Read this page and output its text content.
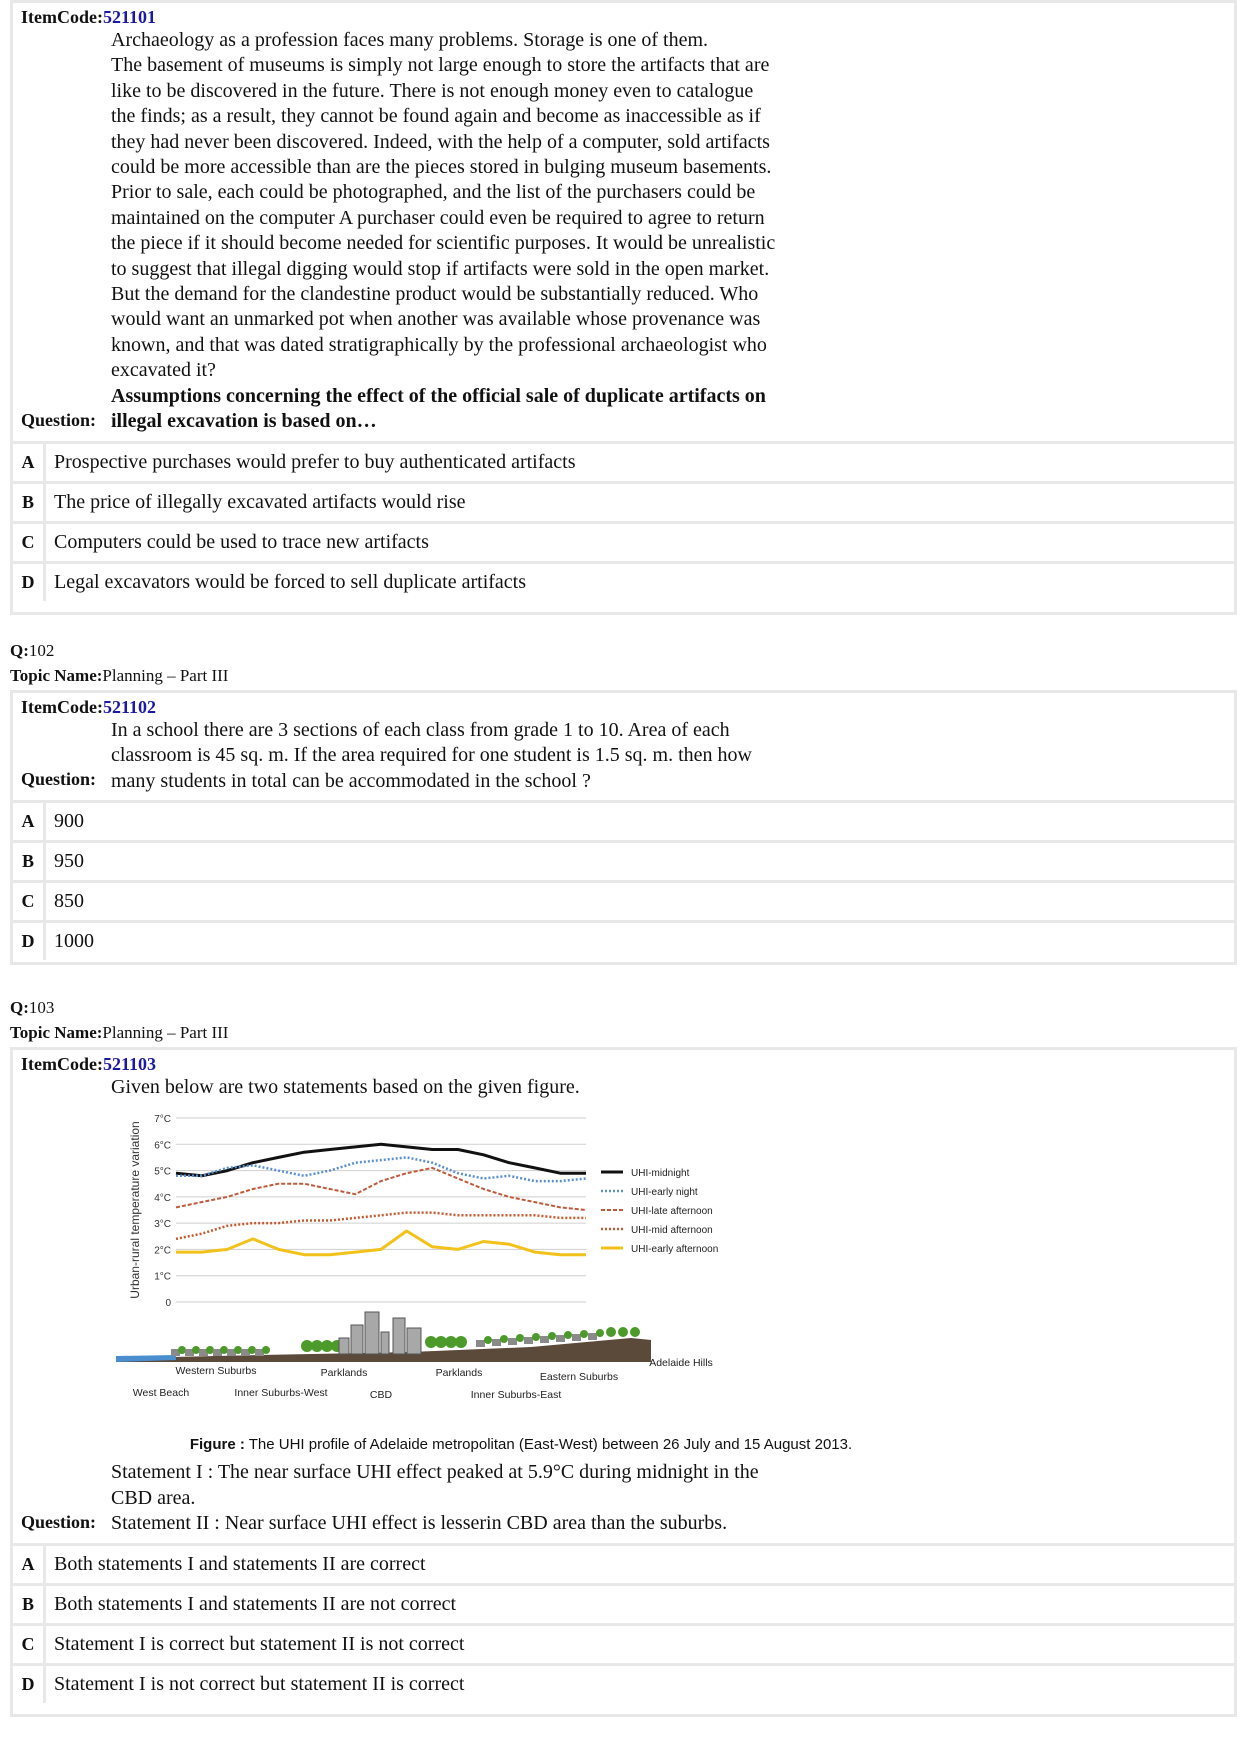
ItemCode:521101
Question:
Archaeology as a profession faces many problems. Storage is one of them.
The basement of museums is simply not large enough to store the artifacts that are
like to be discovered in the future. There is not enough money even to catalogue
the finds; as a result, they cannot be found again and become as inaccessible as if
they had never been discovered. Indeed, with the help of a computer, sold artifacts
could be more accessible than are the pieces stored in bulging museum basements.
Prior to sale, each could be photographed, and the list of the purchasers could be
maintained on the computer A purchaser could even be required to agree to return
the piece if it should become needed for scientific purposes. It would be unrealistic
to suggest that illegal digging would stop if artifacts were sold in the open market.
But the demand for the clandestine product would be substantially reduced. Who
would want an unmarked pot when another was available whose provenance was
known, and that was dated stratigraphically by the professional archaeologist who
excavated it?
Assumptions concerning the effect of the official sale of duplicate artifacts on
illegal excavation is based on…
A Prospective purchases would prefer to buy authenticated artifacts
B	The price of illegally excavated artifacts would rise
C Computers could be used to trace new artifacts
D Legal excavators would be forced to sell duplicate artifacts
Q:102
Topic Name:Planning – Part III
ItemCode:521102
Question:
In a school there are 3 sections of each class from grade 1 to 10. Area of each
classroom is 45 sq. m. If the area required for one student is 1.5 sq. m. then how
many students in total can be accommodated in the school ?
A 900
B	950
C 850
D 1000
Q:103
Topic Name:Planning – Part III
ItemCode:521103
Question:
Given below are two statements based on the given figure.
Urban-rural temperature variation
0
1°C
2°C
3°C
4°C
5°C
6°C
7°C
UHI-midnight
UHI-early night
UHI-late afternoon
UHI-mid afternoon
UHI-early afternoon
Western Suburbs	Parklands	Parklands	Eastern Suburbs
Adelaide Hills
West Beach	Inner Suburbs-West	CBD	Inner Suburbs-East
Figure : The UHI profile of Adelaide metropolitan (East-West) between 26 July and 15 August 2013.
Statement I : The near surface UHI effect peaked at 5.9°C during midnight in the
CBD area.
Statement II : Near surface UHI effect is lesserin CBD area than the suburbs.
A Both statements I and statements II are correct
B	Both statements I and statements II are not correct
C Statement I is correct but statement II is not correct
D Statement I is not correct but statement II is correct
